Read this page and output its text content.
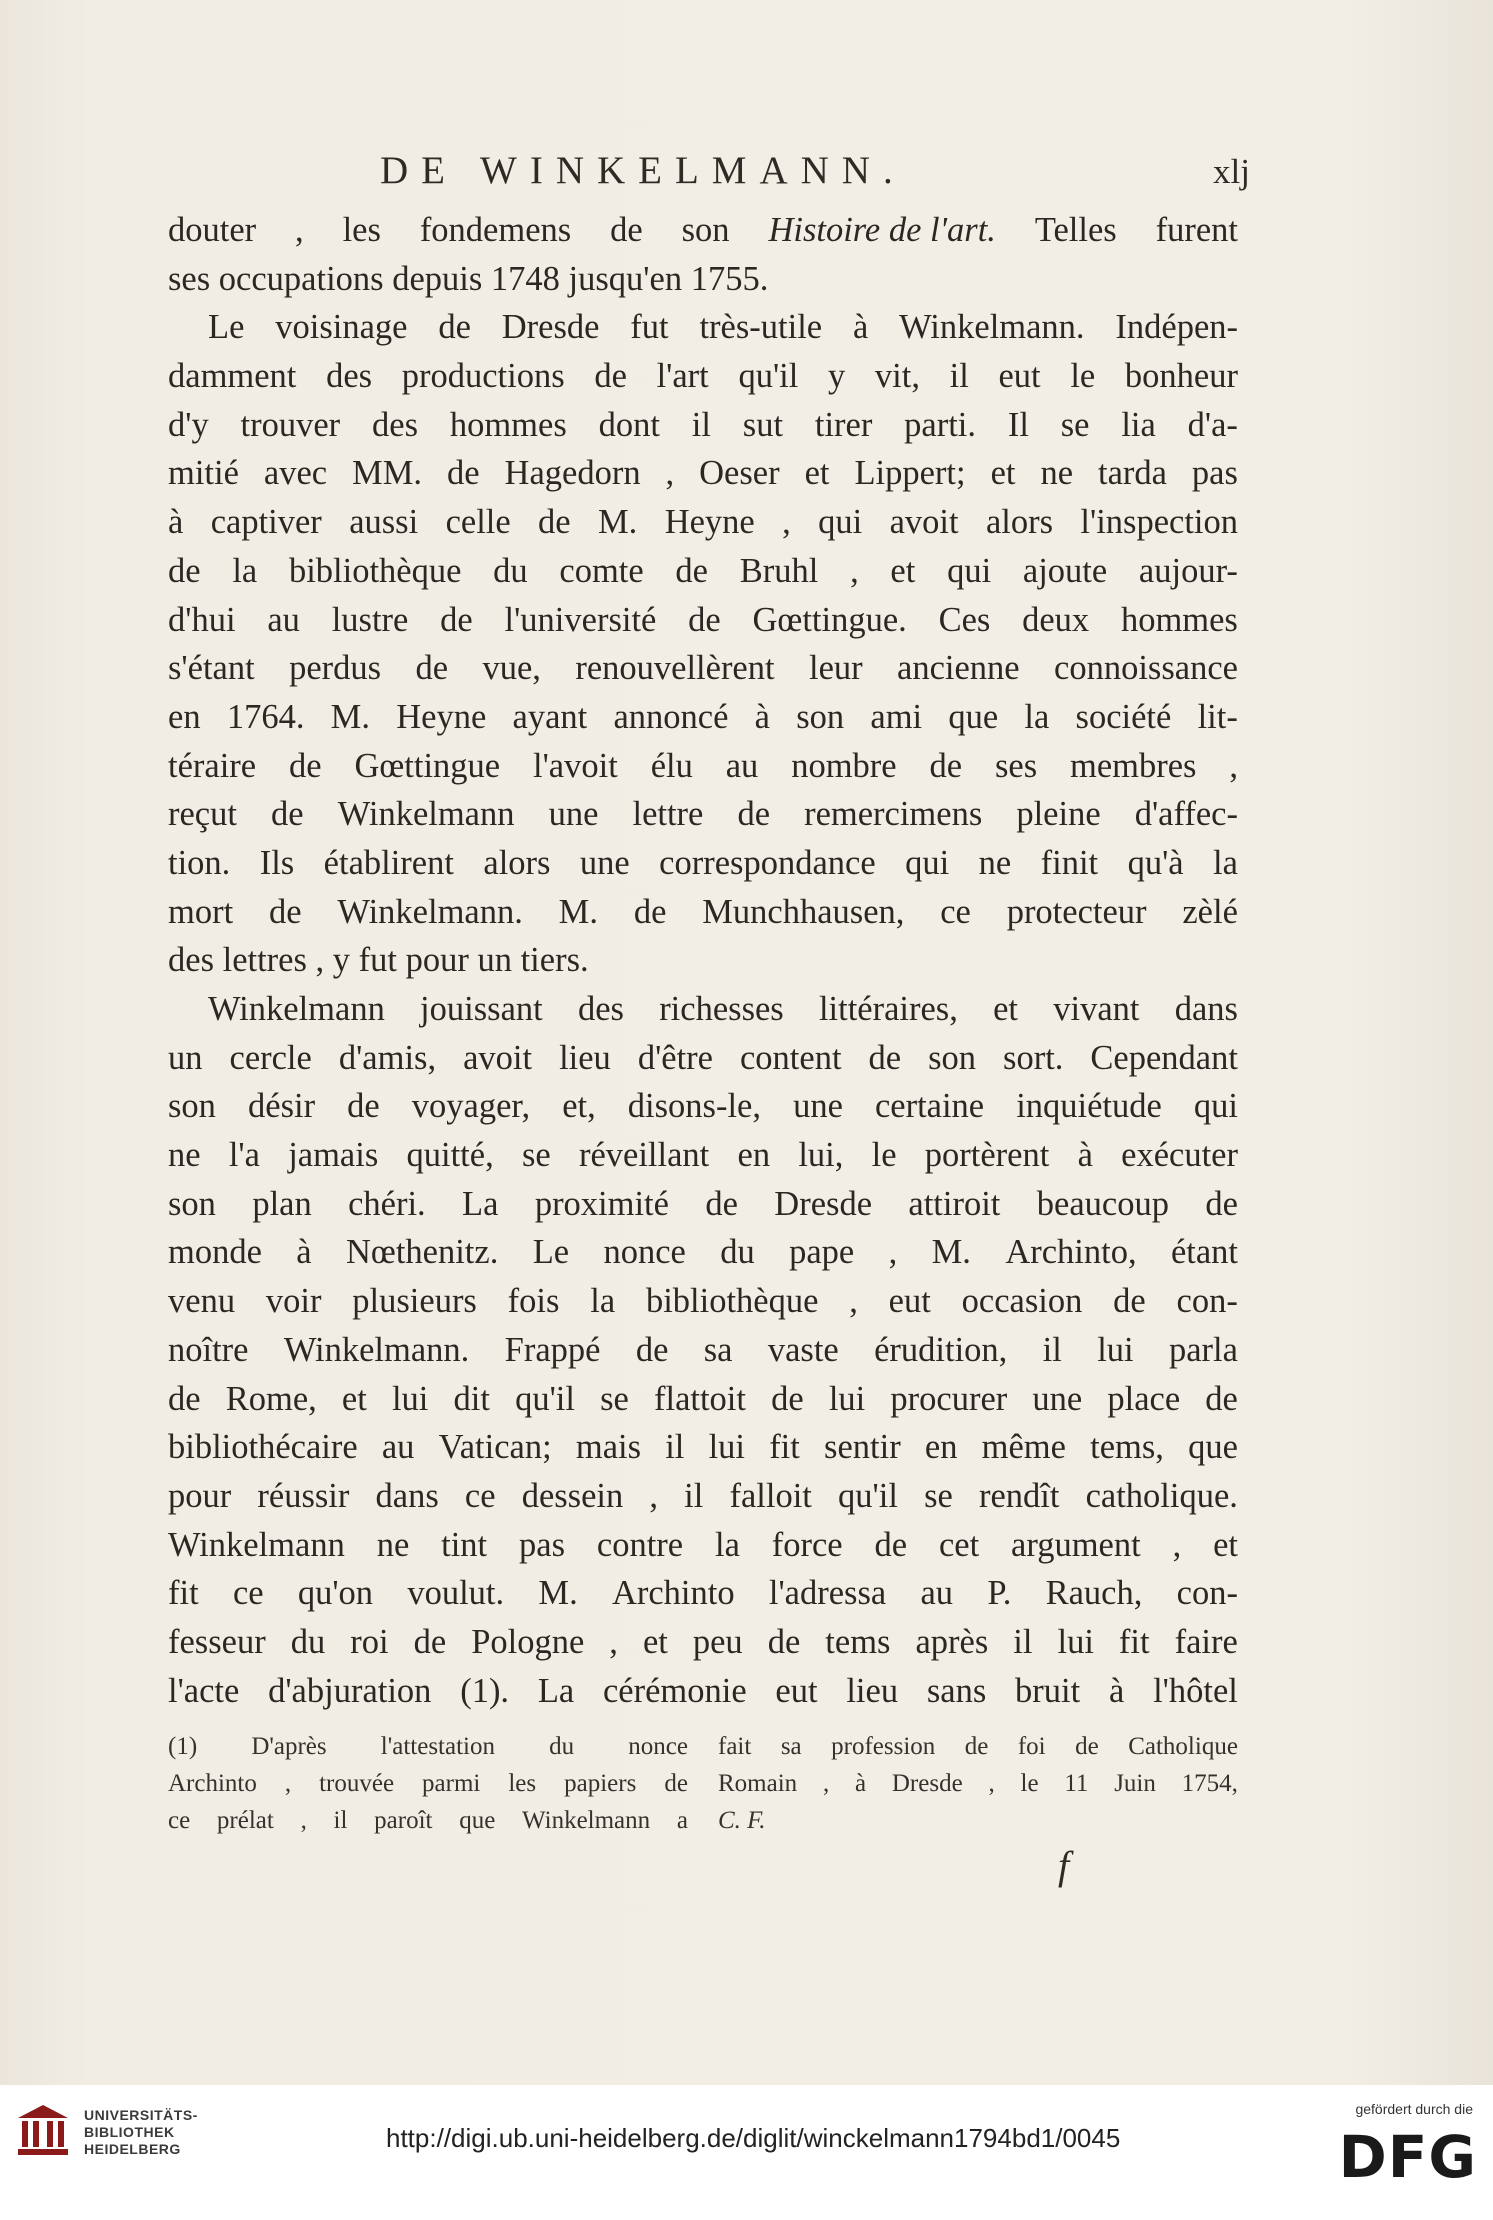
DE WINKELMANN.	xlj
douter , les fondemens de son Histoire de l'art. Telles furent
ses occupations depuis 1748 jusqu'en 1755.
Le voisinage de Dresde fut très-utile à Winkelmann. Indépen-
damment des productions de l'art qu'il y vit, il eut le bonheur
d'y trouver des hommes dont il sut tirer parti. Il se lia d'a-
mitié avec MM. de Hagedorn , Oeser et Lippert; et ne tarda pas
à captiver aussi celle de M. Heyne , qui avoit alors l'inspection
de la bibliothèque du comte de Bruhl , et qui ajoute aujour-
d'hui au lustre de l'université de Gœttingue. Ces deux hommes
s'étant perdus de vue, renouvellèrent leur ancienne connoissance
en 1764. M. Heyne ayant annoncé à son ami que la société lit-
téraire de Gœttingue l'avoit élu au nombre de ses membres ,
reçut de Winkelmann une lettre de remercimens pleine d'affec-
tion. Ils établirent alors une correspondance qui ne finit qu'à la
mort de Winkelmann. M. de Munchhausen, ce protecteur zèlé
des lettres , y fut pour un tiers.
Winkelmann jouissant des richesses littéraires, et vivant dans
un cercle d'amis, avoit lieu d'être content de son sort. Cependant
son désir de voyager, et, disons-le, une certaine inquiétude qui
ne l'a jamais quitté, se réveillant en lui, le portèrent à exécuter
son plan chéri. La proximité de Dresde attiroit beaucoup de
monde à Nœthenitz. Le nonce du pape , M. Archinto, étant
venu voir plusieurs fois la bibliothèque , eut occasion de con-
noître Winkelmann. Frappé de sa vaste érudition, il lui parla
de Rome, et lui dit qu'il se flattoit de lui procurer une place de
bibliothécaire au Vatican; mais il lui fit sentir en même tems, que
pour réussir dans ce dessein , il falloit qu'il se rendît catholique.
Winkelmann ne tint pas contre la force de cet argument , et
fit ce qu'on voulut. M. Archinto l'adressa au P. Rauch, con-
fesseur du roi de Pologne , et peu de tems après il lui fit faire
l'acte d'abjuration (1). La cérémonie eut lieu sans bruit à l'hôtel
(1) D'après l'attestation du nonce
Archinto , trouvée parmi les papiers de
ce prélat , il paroît que Winkelmann a
fait sa profession de foi de Catholique
Romain , à Dresde , le 11 Juin 1754,
C. F.
f
UNIVERSITÄTS-
BIBLIOTHEK
HEIDELBERG	http://digi.ub.uni-heidelberg.de/diglit/winckelmann1794bd1/0045
gefördert durch die
DFG
